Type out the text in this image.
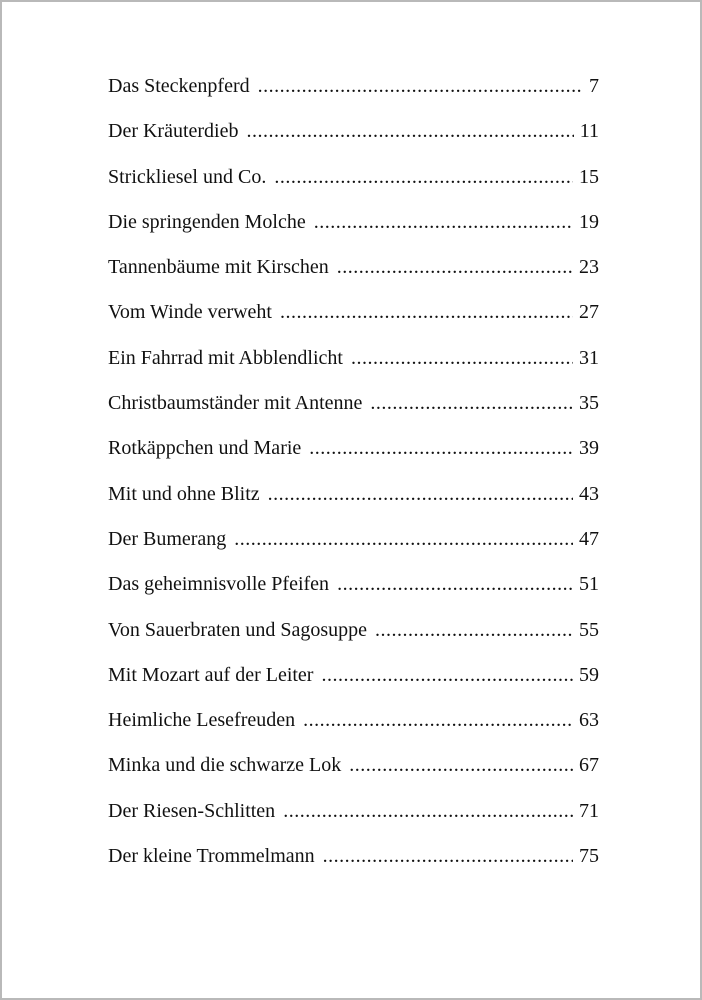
Das Steckenpferd .....	7
Der Kräuterdieb .....	11
Strickliesel und Co. .....	15
Die springenden Molche .....	19
Tannenbäume mit Kirschen .....	23
Vom Winde verweht .....	27
Ein Fahrrad mit Abblendlicht .....	31
Christbaumständer mit Antenne .....	35
Rotkäppchen und Marie .....	39
Mit und ohne Blitz .....	43
Der Bumerang .....	47
Das geheimnisvolle Pfeifen .....	51
Von Sauerbraten und Sagosuppe .....	55
Mit Mozart auf der Leiter .....	59
Heimliche Lesefreuden .....	63
Minka und die schwarze Lok .....	67
Der Riesen-Schlitten .....	71
Der kleine Trommelmann .....	75
